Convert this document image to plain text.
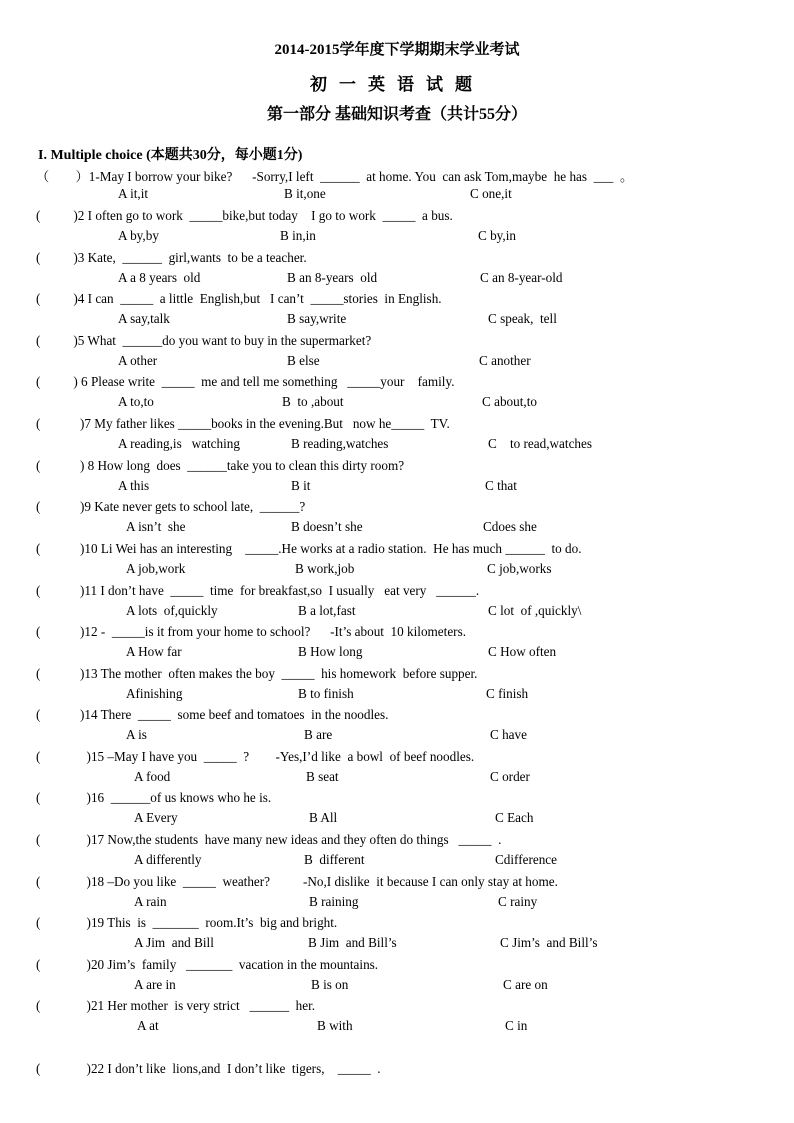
2014-2015学年度下学期期末学业考试
初一英语试题
第一部分 基础知识考查（共计55分）
I. Multiple choice (本题共30分，每小题1分)
（        ）1-May I borrow your bike?      -Sorry,I left  ______  at home. You  can ask Tom,maybe  he has  ___  。
A it,it	B it,one	C one,it
(          )2 I often go to work  _____bike,but today    I go to work  _____  a bus.
A by,by	B in,in	C by,in
(          )3 Kate,  ______  girl,wants  to be a teacher.
A a 8 years  old	B an 8-years  old	C an 8-year-old
(          )4 I can  _____  a little  English,but   I can’t  _____stories  in English.
A say,talk	B say,write	C speak,  tell
(          )5 What  ______do you want to buy in the supermarket?
A other	B else	C another
(          ) 6 Please write  _____  me and tell me something   _____your    family.
A to,to	B  to ,about	C about,to
(            )7 My father likes _____books in the evening.But   now he_____  TV.
A reading,is   watching	B reading,watches	C    to read,watches
(            ) 8 How long  does  ______take you to clean this dirty room?
A this	B it	C that
(            )9 Kate never gets to school late,  ______?
A isn’t  she	B doesn’t she	Cdoes she
(            )10 Li Wei has an interesting    _____.He works at a radio station.  He has much ______  to do.
A job,work	B work,job	C job,works
(            )11 I don’t have  _____  time  for breakfast,so  I usually   eat very   ______.
A lots  of,quickly	B a lot,fast	C lot  of ,quickly\
(            )12 -  _____is it from your home to school?      -It’s about  10 kilometers.
A How far	B How long	C How often
(            )13 The mother  often makes the boy  _____  his homework  before supper.
Afinishing	B to finish	C finish
(            )14 There  _____  some beef and tomatoes  in the noodles.
A is	B are	C have
(              )15 –May I have you  _____  ?        -Yes,I’d like  a bowl  of beef noodles.
A food	B seat	C order
(              )16  ______of us knows who he is.
A Every	B All	C Each
(              )17 Now,the students  have many new ideas and they often do things   _____  .
A differently	B  different	Cdifference
(              )18 –Do you like  _____  weather?          -No,I dislike  it because I can only stay at home.
A rain	B raining	C rainy
(              )19 This  is  _______  room.It’s  big and bright.
A Jim  and Bill	B Jim  and Bill’s	C Jim’s  and Bill’s
(              )20 Jim’s  family   _______  vacation in the mountains.
A are in	B is on	C are on
(              )21 Her mother  is very strict   ______  her.
A at	B with	C in
(              )22 I don’t like  lions,and  I don’t like  tigers,    _____  .
